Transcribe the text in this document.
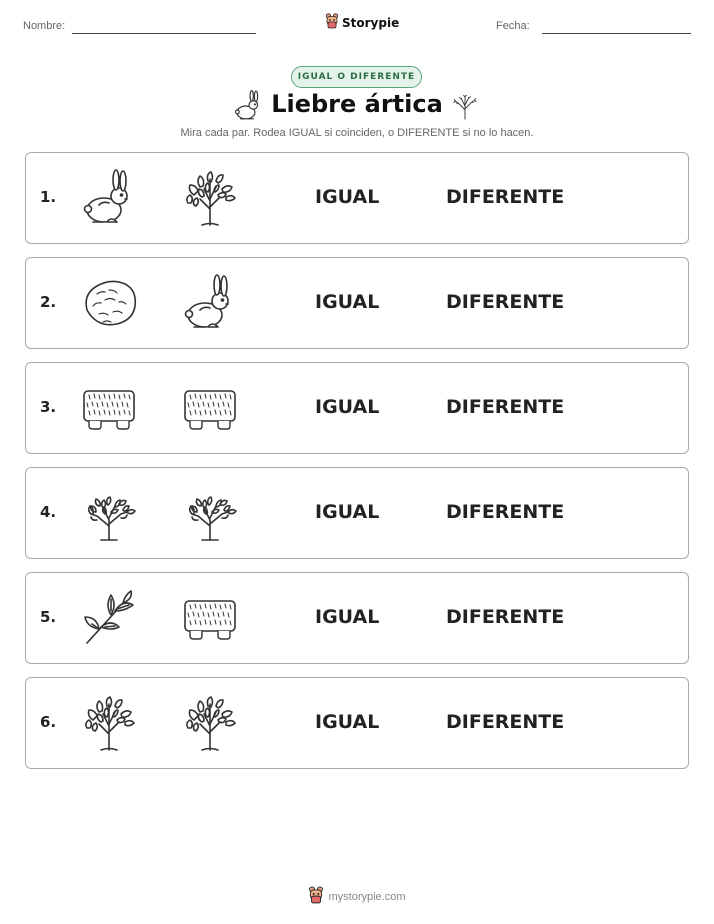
Nombre:	Storypie	Fecha:
IGUAL O DIFERENTE
Liebre ártica
Mira cada par. Rodea IGUAL si coinciden, o DIFERENTE si no lo hacen.
1.	IGUAL	DIFERENTE
2.	IGUAL	DIFERENTE
3.	IGUAL	DIFERENTE
4.	IGUAL	DIFERENTE
5.	IGUAL	DIFERENTE
6.	IGUAL	DIFERENTE
mystorypie.com
